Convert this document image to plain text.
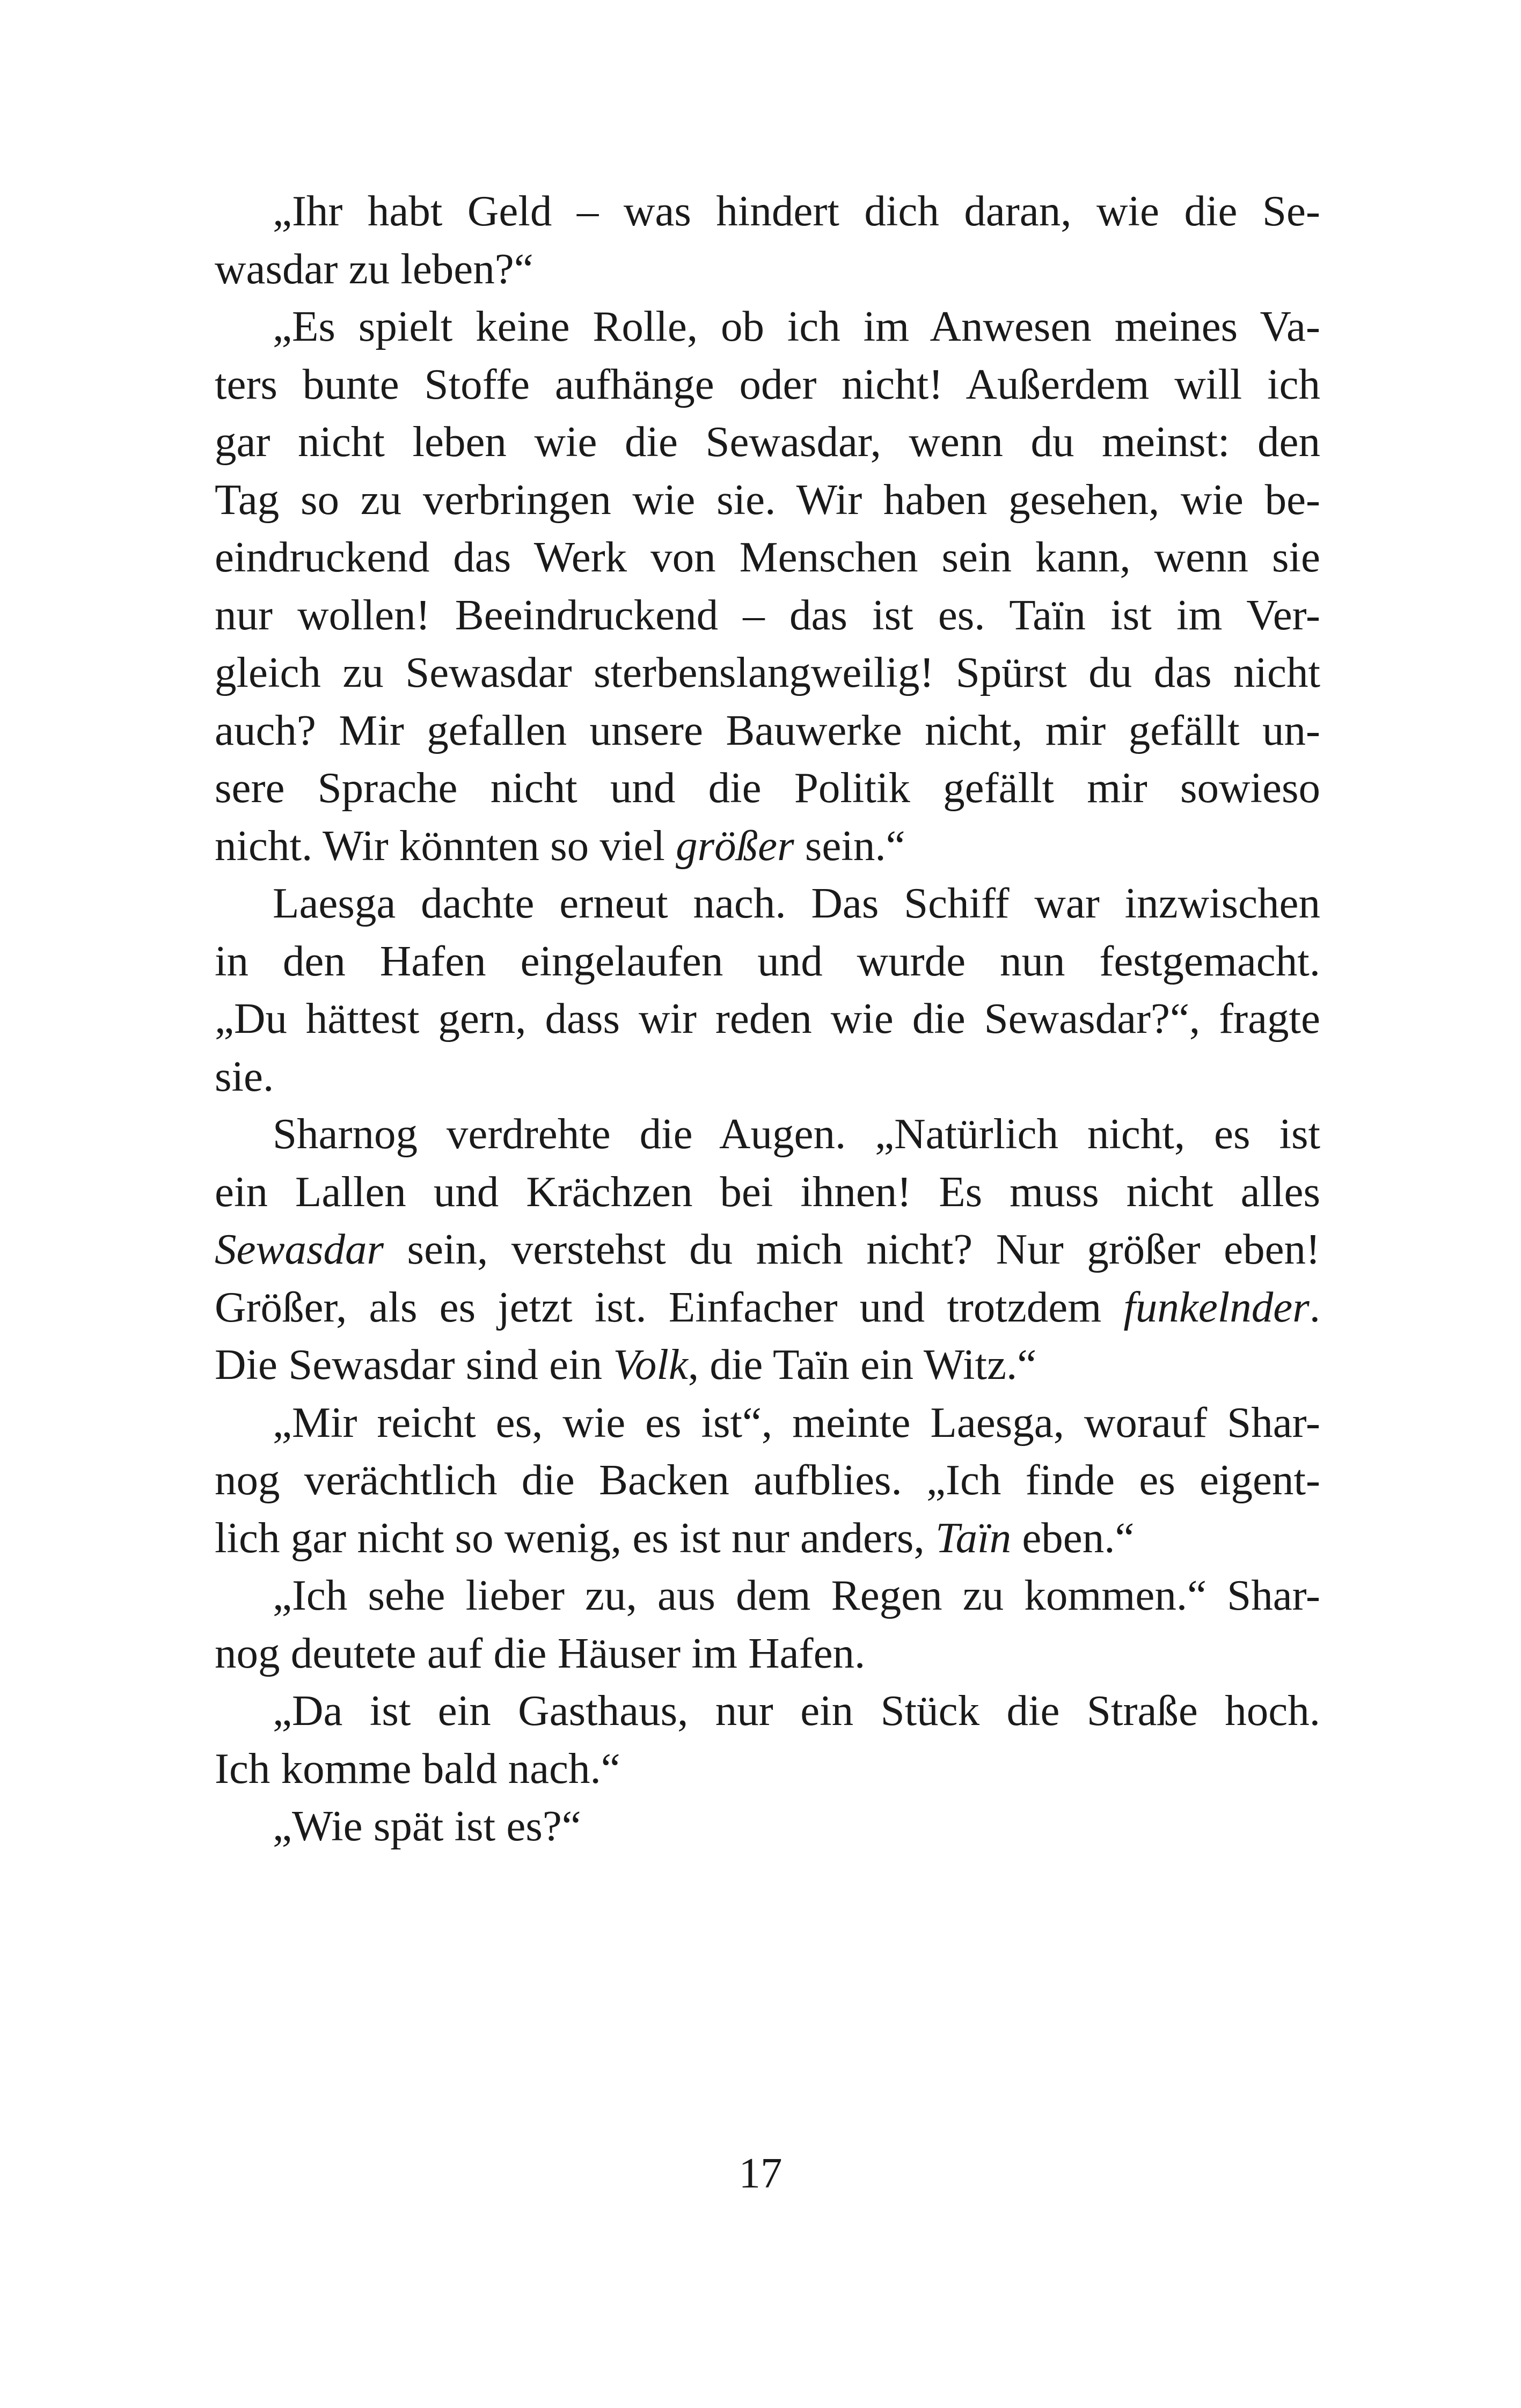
„Ihr habt Geld – was hindert dich daran, wie die Se-
wasdar zu leben?“
„Es spielt keine Rolle, ob ich im Anwesen meines Va-
ters bunte Stoffe aufhänge oder nicht! Außerdem will ich
gar nicht leben wie die Sewasdar, wenn du meinst: den
Tag so zu verbringen wie sie. Wir haben gesehen, wie be-
eindruckend das Werk von Menschen sein kann, wenn sie
nur wollen! Beeindruckend – das ist es. Taïn ist im Ver-
gleich zu Sewasdar sterbenslangweilig! Spürst du das nicht
auch? Mir gefallen unsere Bauwerke nicht, mir gefällt un-
sere Sprache nicht und die Politik gefällt mir sowieso
nicht. Wir könnten so viel größer sein.“
Laesga dachte erneut nach. Das Schiff war inzwischen
in den Hafen eingelaufen und wurde nun festgemacht.
„Du hättest gern, dass wir reden wie die Sewasdar?“, fragte
sie.
Sharnog verdrehte die Augen. „Natürlich nicht, es ist
ein Lallen und Krächzen bei ihnen! Es muss nicht alles
Sewasdar sein, verstehst du mich nicht? Nur größer eben!
Größer, als es jetzt ist. Einfacher und trotzdem funkelnder.
Die Sewasdar sind ein Volk, die Taïn ein Witz.“
„Mir reicht es, wie es ist“, meinte Laesga, worauf Shar-
nog verächtlich die Backen aufblies. „Ich finde es eigent-
lich gar nicht so wenig, es ist nur anders, Taïn eben.“
„Ich sehe lieber zu, aus dem Regen zu kommen.“ Shar-
nog deutete auf die Häuser im Hafen.
„Da ist ein Gasthaus, nur ein Stück die Straße hoch.
Ich komme bald nach.“
„Wie spät ist es?“
17
